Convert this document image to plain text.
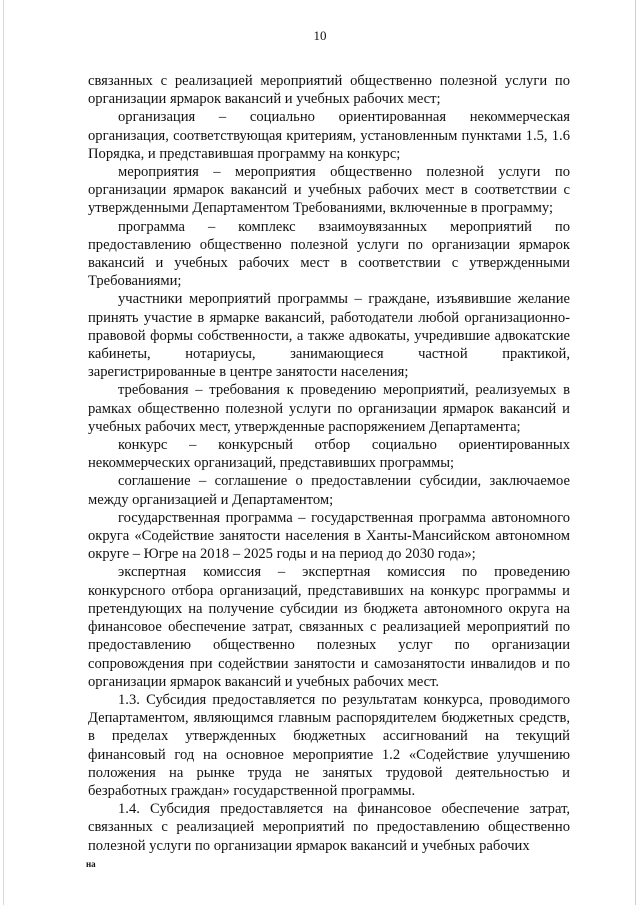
10

связанных с реализацией мероприятий общественно полезной услуги по организации ярмарок вакансий и учебных рабочих мест;

организация – социально ориентированная некоммерческая организация, соответствующая критериям, установленным пунктами 1.5, 1.6 Порядка, и представившая программу на конкурс;

мероприятия – мероприятия общественно полезной услуги по организации ярмарок вакансий и учебных рабочих мест в соответствии с утвержденными Департаментом Требованиями, включенные в программу;

программа – комплекс взаимоувязанных мероприятий по предоставлению общественно полезной услуги по организации ярмарок вакансий и учебных рабочих мест в соответствии с утвержденными Требованиями;

участники мероприятий программы – граждане, изъявившие желание принять участие в ярмарке вакансий, работодатели любой организационно-правовой формы собственности, а также адвокаты, учредившие адвокатские кабинеты, нотариусы, занимающиеся частной практикой, зарегистрированные в центре занятости населения;

требования – требования к проведению мероприятий, реализуемых в рамках общественно полезной услуги по организации ярмарок вакансий и учебных рабочих мест, утвержденные распоряжением Департамента;

конкурс – конкурсный отбор социально ориентированных некоммерческих организаций, представивших программы;

соглашение – соглашение о предоставлении субсидии, заключаемое между организацией и Департаментом;

государственная программа – государственная программа автономного округа «Содействие занятости населения в Ханты-Мансийском автономном округе – Югре на 2018 – 2025 годы и на период до 2030 года»;

экспертная комиссия – экспертная комиссия по проведению конкурсного отбора организаций, представивших на конкурс программы и претендующих на получение субсидии из бюджета автономного округа на финансовое обеспечение затрат, связанных с реализацией мероприятий по предоставлению общественно полезных услуг по организации сопровождения при содействии занятости и самозанятости инвалидов и по организации ярмарок вакансий и учебных рабочих мест.

1.3. Субсидия предоставляется по результатам конкурса, проводимого Департаментом, являющимся главным распорядителем бюджетных средств, в пределах утвержденных бюджетных ассигнований на текущий финансовый год на основное мероприятие 1.2 «Содействие улучшению положения на рынке труда не занятых трудовой деятельностью и безработных граждан» государственной программы.

1.4. Субсидия предоставляется на финансовое обеспечение затрат, связанных с реализацией мероприятий по предоставлению общественно полезной услуги по организации ярмарок вакансий и учебных рабочих

на
